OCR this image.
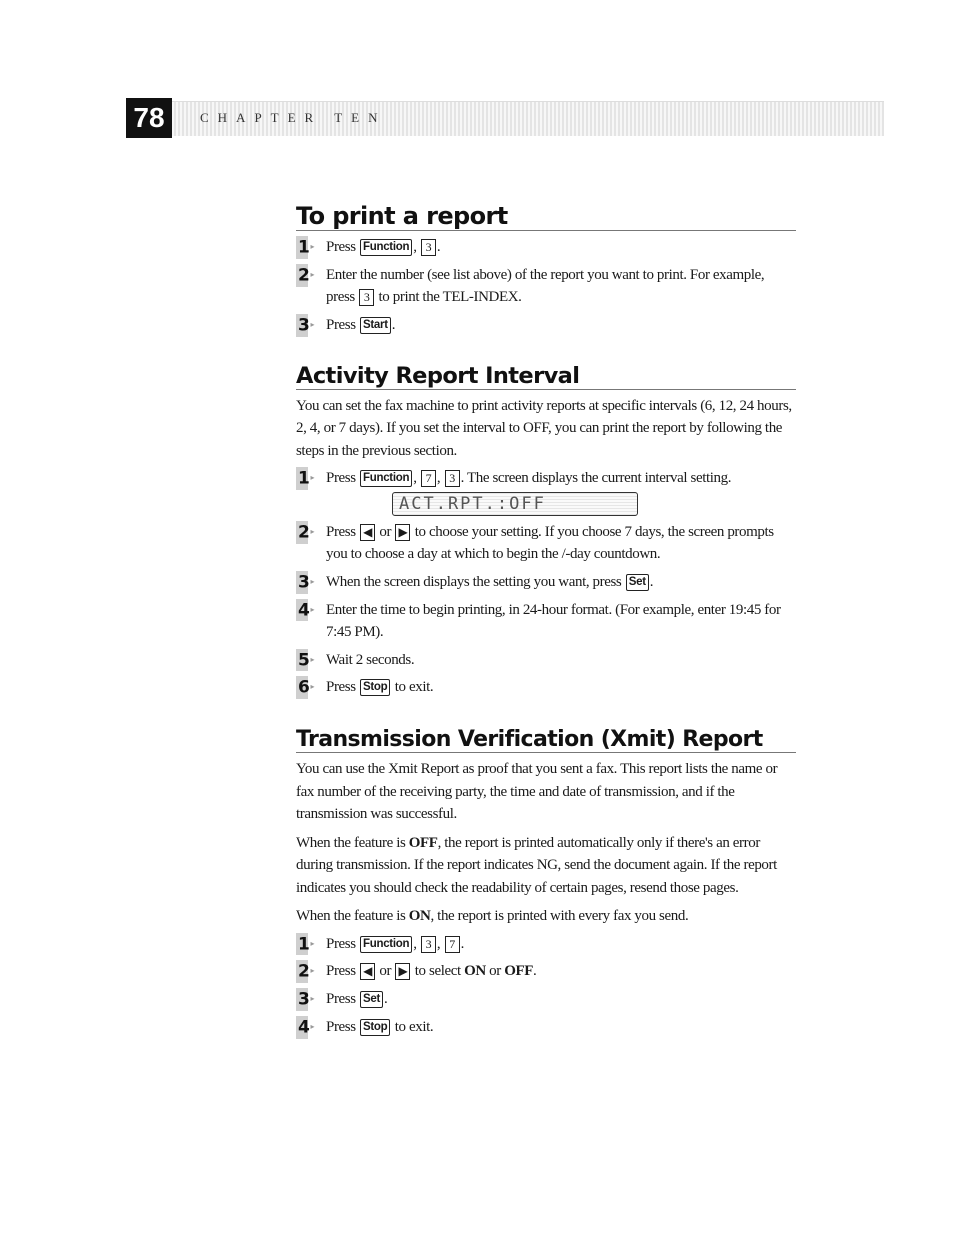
78	CHAPTER TEN
To print a report
1 ▸	Press Function , 3 .
2 ▸	Enter the number (see list above) of the report you want to print. For example, press 3 to print the TEL-INDEX.
3 ▸	Press Start .
Activity Report Interval

You can set the fax machine to print activity reports at specific intervals (6, 12, 24 hours, 2, 4, or 7 days). If you set the interval to OFF, you can print the report by following the steps in the previous section.

1 ▸	Press Function , 7 , 3 . The screen displays the current interval setting.
ACT.RPT.:OFF
2 ▸	Press ◀ or ▶ to choose your setting. If you choose 7 days, the screen prompts you to choose a day at which to begin the /-day countdown.
3 ▸	When the screen displays the setting you want, press Set .
4 ▸	Enter the time to begin printing, in 24-hour format. (For example, enter 19:45 for 7:45 PM).
5 ▸	Wait 2 seconds.
6 ▸	Press Stop to exit.
Transmission Verification (Xmit) Report

You can use the Xmit Report as proof that you sent a fax. This report lists the name or fax number of the receiving party, the time and date of transmission, and if the transmission was successful.

When the feature is OFF, the report is printed automatically only if there's an error during transmission. If the report indicates NG, send the document again. If the report indicates you should check the readability of certain pages, resend those pages.

When the feature is ON, the report is printed with every fax you send.

1 ▸	Press Function , 3 , 7 .
2 ▸	Press ◀ or ▶ to select ON or OFF.
3 ▸	Press Set .
4 ▸	Press Stop to exit.
